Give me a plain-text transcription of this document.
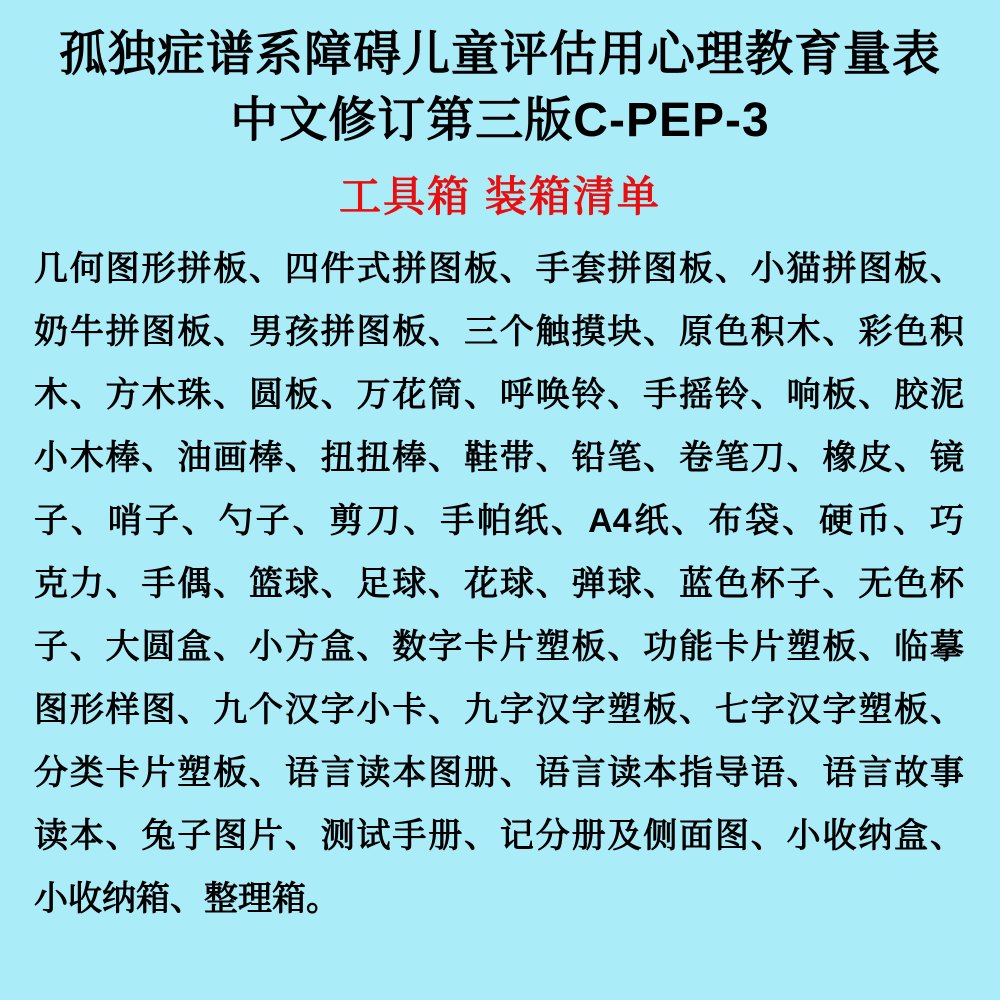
孤独症谱系障碍儿童评估用心理教育量表
中文修订第三版C-PEP-3
工具箱 装箱清单
几何图形拼板、四件式拼图板、手套拼图板、小猫拼图板、
奶牛拼图板、男孩拼图板、三个触摸块、原色积木、彩色积
木、方木珠、圆板、万花筒、呼唤铃、手摇铃、响板、胶泥
小木棒、油画棒、扭扭棒、鞋带、铅笔、卷笔刀、橡皮、镜
子、哨子、勺子、剪刀、手帕纸、A4纸、布袋、硬币、巧
克力、手偶、篮球、足球、花球、弹球、蓝色杯子、无色杯
子、大圆盒、小方盒、数字卡片塑板、功能卡片塑板、临摹
图形样图、九个汉字小卡、九字汉字塑板、七字汉字塑板、
分类卡片塑板、语言读本图册、语言读本指导语、语言故事
读本、兔子图片、测试手册、记分册及侧面图、小收纳盒、
小收纳箱、整理箱。
